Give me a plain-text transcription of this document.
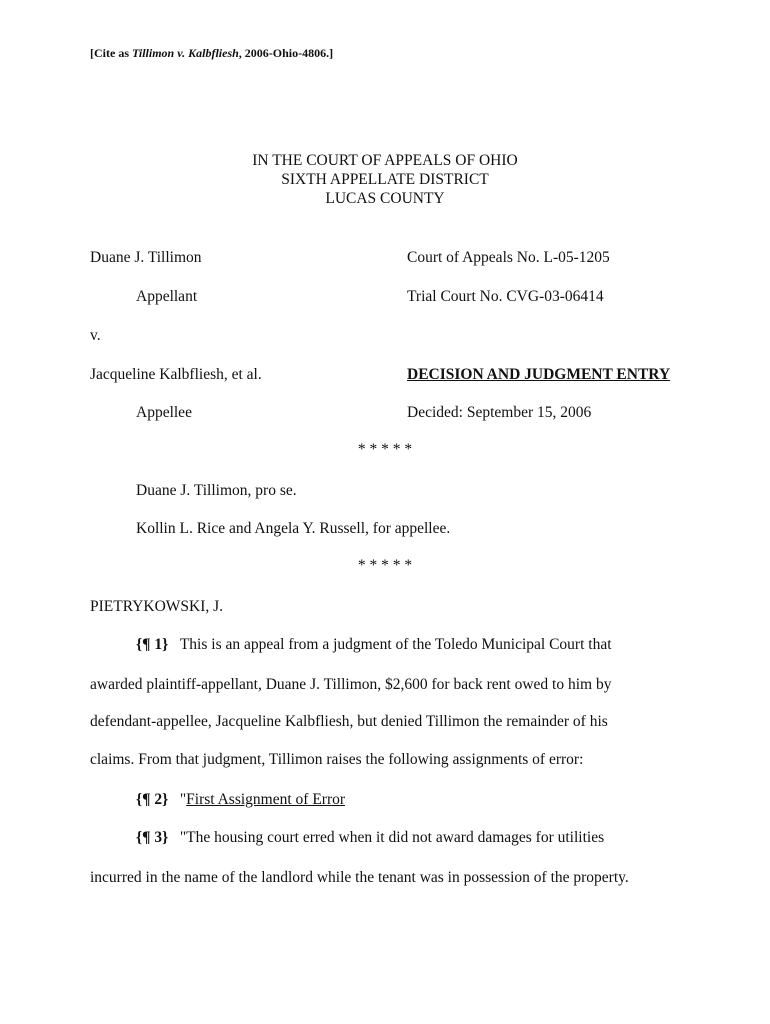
[Cite as Tillimon v. Kalbfliesh, 2006-Ohio-4806.]
IN THE COURT OF APPEALS OF OHIO
SIXTH APPELLATE DISTRICT
LUCAS COUNTY
Duane J. Tillimon	Court of Appeals No. L-05-1205
Appellant	Trial Court No. CVG-03-06414
v.
Jacqueline Kalbfliesh, et al.	DECISION AND JUDGMENT ENTRY
Appellee	Decided: September 15, 2006
* * * * *
Duane J. Tillimon, pro se.
Kollin L. Rice and Angela Y. Russell, for appellee.
* * * * *
PIETRYKOWSKI, J.
{¶ 1} This is an appeal from a judgment of the Toledo Municipal Court that
awarded plaintiff-appellant, Duane J. Tillimon, $2,600 for back rent owed to him by
defendant-appellee, Jacqueline Kalbfliesh, but denied Tillimon the remainder of his
claims. From that judgment, Tillimon raises the following assignments of error:
{¶ 2} "First Assignment of Error
{¶ 3} "The housing court erred when it did not award damages for utilities
incurred in the name of the landlord while the tenant was in possession of the property.
